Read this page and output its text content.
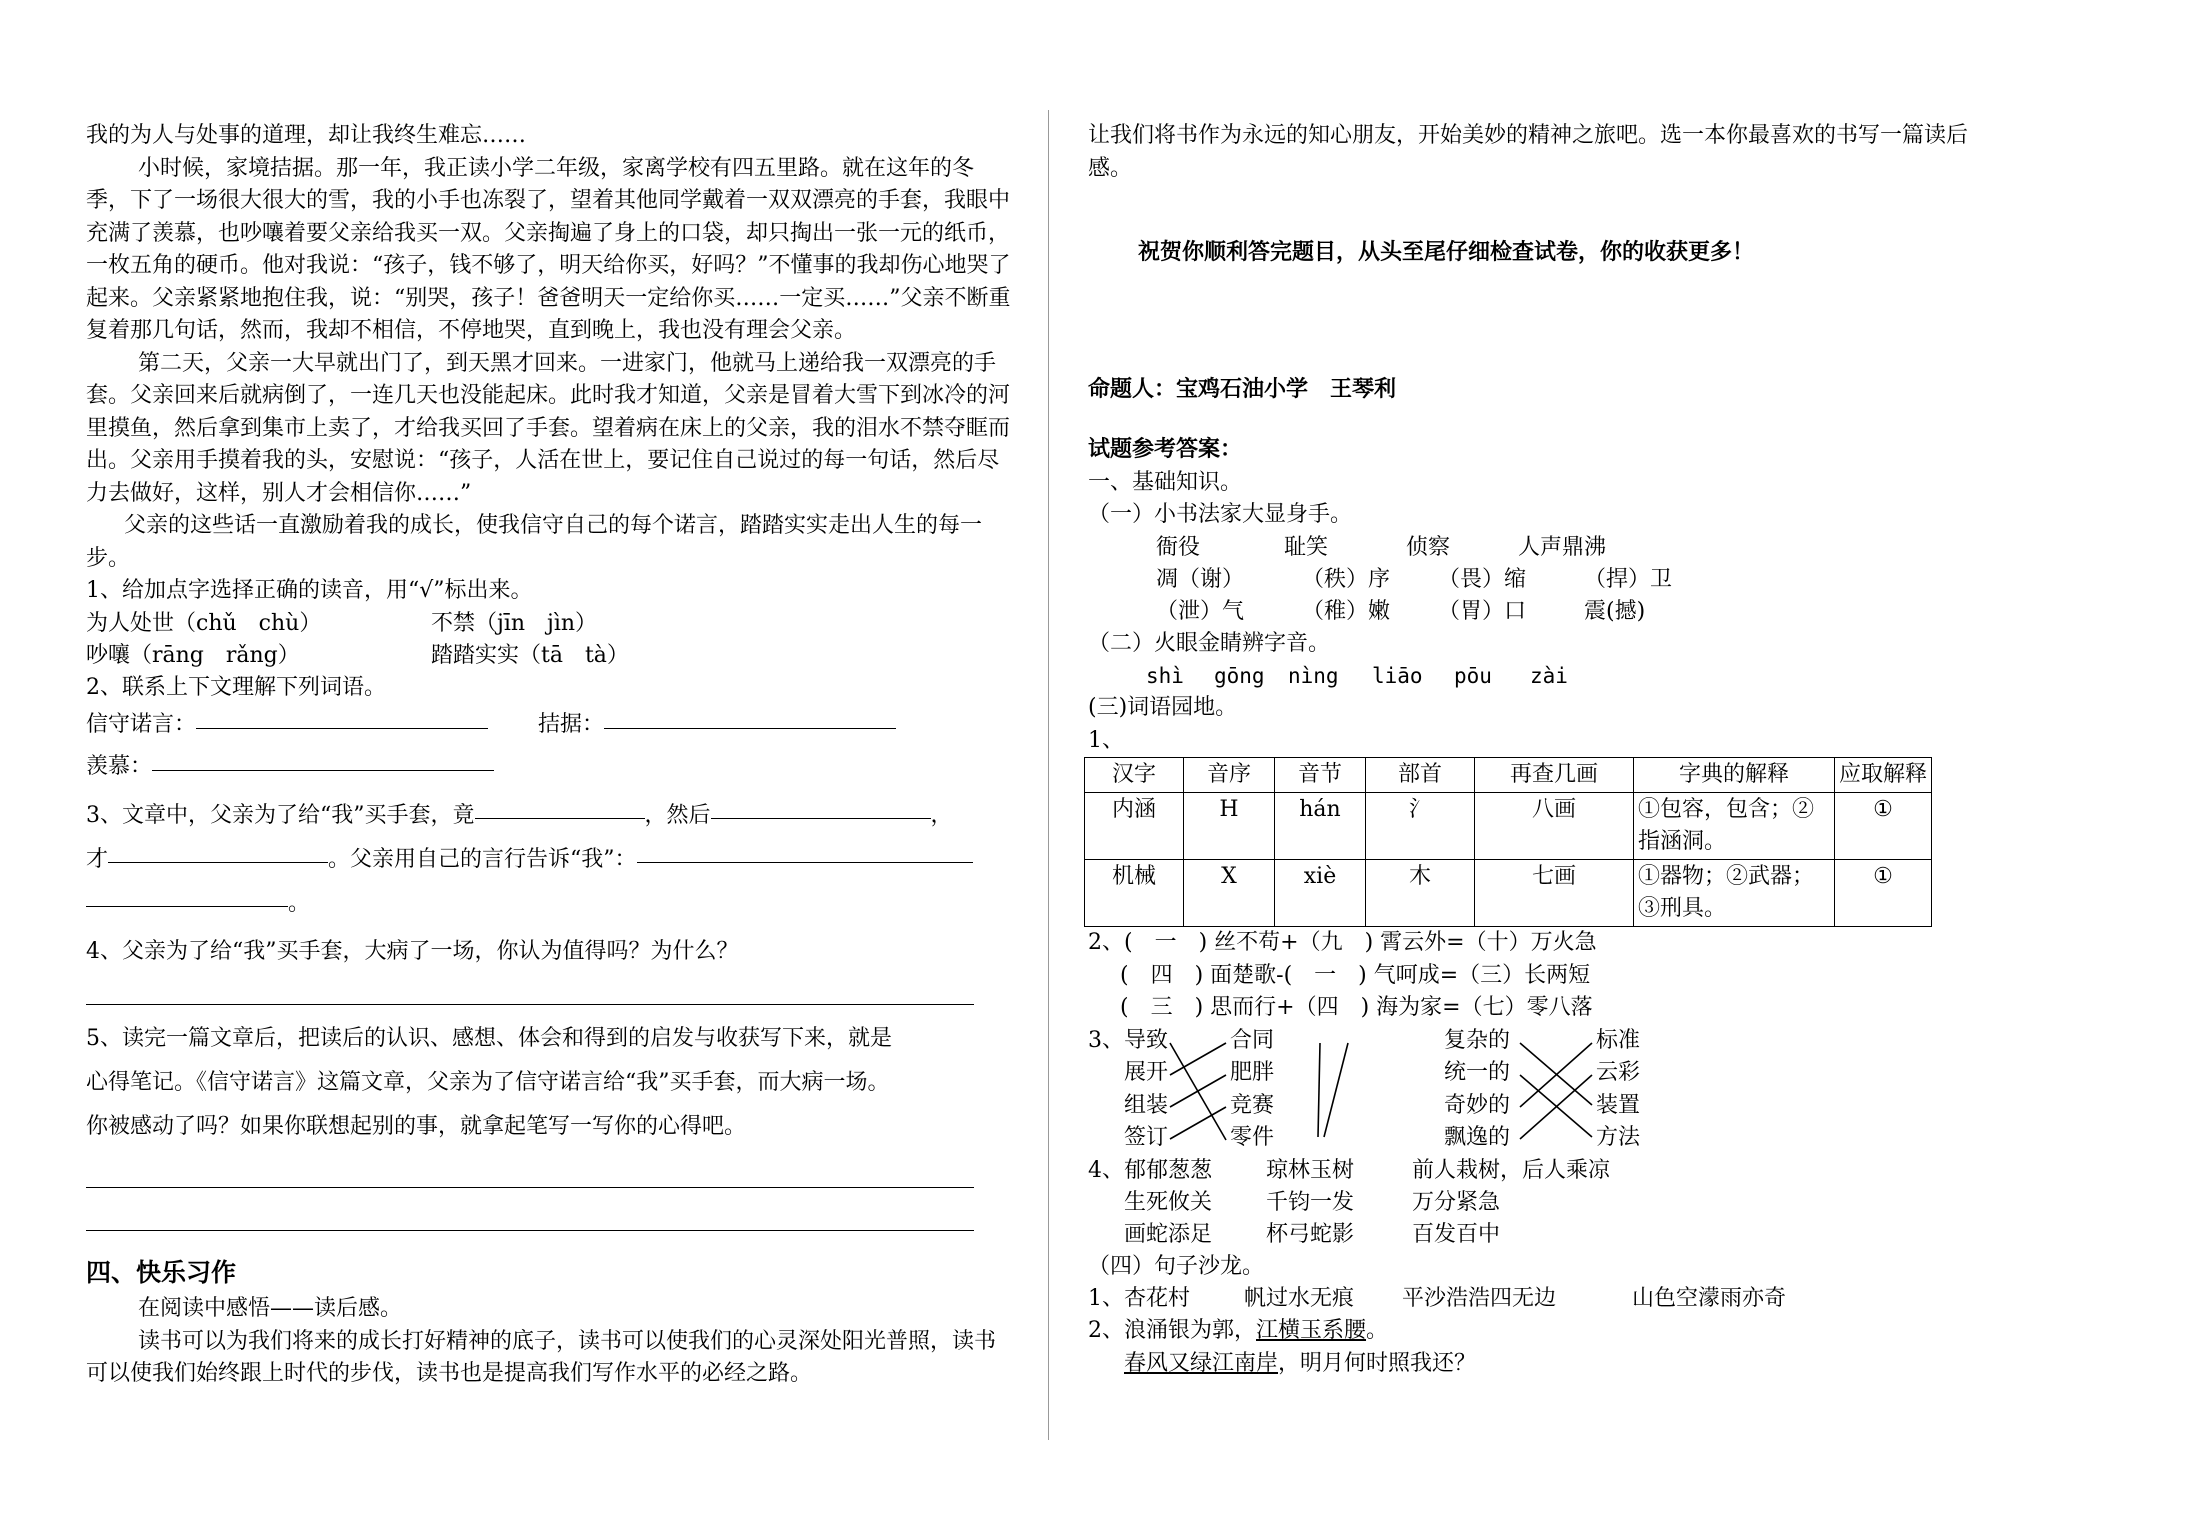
我的为人与处事的道理，却让我终生难忘……

小时候，家境拮据。那一年，我正读小学二年级，家离学校有四五里路。就在这年的冬季，下了一场很大很大的雪，我的小手也冻裂了，望着其他同学戴着一双双漂亮的手套，我眼中充满了羡慕，也吵嚷着要父亲给我买一双。父亲掏遍了身上的口袋，却只掏出一张一元的纸币，一枚五角的硬币。他对我说：“孩子，钱不够了，明天给你买，好吗？”不懂事的我却伤心地哭了起来。父亲紧紧地抱住我，说：“别哭，孩子！爸爸明天一定给你买……一定买……”父亲不断重复着那几句话，然而，我却不相信，不停地哭，直到晚上，我也没有理会父亲。

第二天，父亲一大早就出门了，到天黑才回来。一进家门，他就马上递给我一双漂亮的手套。父亲回来后就病倒了，一连几天也没能起床。此时我才知道，父亲是冒着大雪下到冰冷的河里摸鱼，然后拿到集市上卖了，才给我买回了手套。望着病在床上的父亲，我的泪水不禁夺眶而出。父亲用手摸着我的头，安慰说：“孩子，人活在世上，要记住自己说过的每一句话，然后尽力去做好，这样，别人才会相信你……”

父亲的这些话一直激励着我的成长，使我信守自己的每个诺言，踏踏实实走出人生的每一步。

1、给加点字选择正确的读音，用“√”标出来。

为人处世（chǔ　chù）	不禁（jīn　jìn）
吵嚷（rāng　rǎng）	踏踏实实（tā　tà）

2、联系上下文理解下列词语。

信守诺言：	拮据：
羡慕：
3、文章中，父亲为了给“我”买手套，竟	，然后	，
才	。父亲用自己的言行告诉“我”：
。

4、父亲为了给“我”买手套，大病了一场，你认为值得吗？为什么？

5、读完一篇文章后，把读后的认识、感想、体会和得到的启发与收获写下来，就是

心得笔记。《信守诺言》这篇文章，父亲为了信守诺言给“我”买手套，而大病一场。

你被感动了吗？如果你联想起别的事，就拿起笔写一写你的心得吧。

四、快乐习作

在阅读中感悟——读后感。

读书可以为我们将来的成长打好精神的底子，读书可以使我们的心灵深处阳光普照，读书可以使我们始终跟上时代的步伐，读书也是提高我们写作水平的必经之路。

让我们将书作为永远的知心朋友，开始美妙的精神之旅吧。选一本你最喜欢的书写一篇读后感。

祝贺你顺利答完题目，从头至尾仔细检查试卷，你的收获更多！

命题人：宝鸡石油小学　王琴利

试题参考答案：

一、基础知识。

（一）小书法家大显身手。

衙役	耻笑	侦察	人声鼎沸
凋（谢）	（秩）序	（畏）缩	（捍）卫
（泄）气	（稚）嫩	（胃）口	震(撼)

（二）火眼金睛辨字音。

shì	gōng	nìng	liāo	pōu	zài

(三)词语园地。

1、

汉字	音序	音节	部首	再查几画	字典的解释	应取解释
内涵	H	hán	氵	八画	①包容，包含；②指涵洞。	①
机械	X	xiè	木	七画	①器物；②武器；③刑具。	①

2、(　一　) 丝不苟+（九　) 霄云外=（十）万火急

(　四　) 面楚歌-(　一　) 气呵成=（三）长两短

(　三　) 思而行+（四　) 海为家=（七）零八落

3、 导致

展开

组装

签订

合同

肥胖

竞赛

零件

复杂的

统一的

奇妙的

飘逸的

标准

云彩

装置

方法

4、 郁郁葱葱	琼林玉树	前人栽树，后人乘凉
生死攸关	千钧一发	万分紧急
画蛇添足	杯弓蛇影	百发百中

（四）句子沙龙。

1、 杏花村	帆过水无痕	平沙浩浩四无边	山色空濛雨亦奇

2、浪涌银为郭，江横玉系腰。

春风又绿江南岸，明月何时照我还？
